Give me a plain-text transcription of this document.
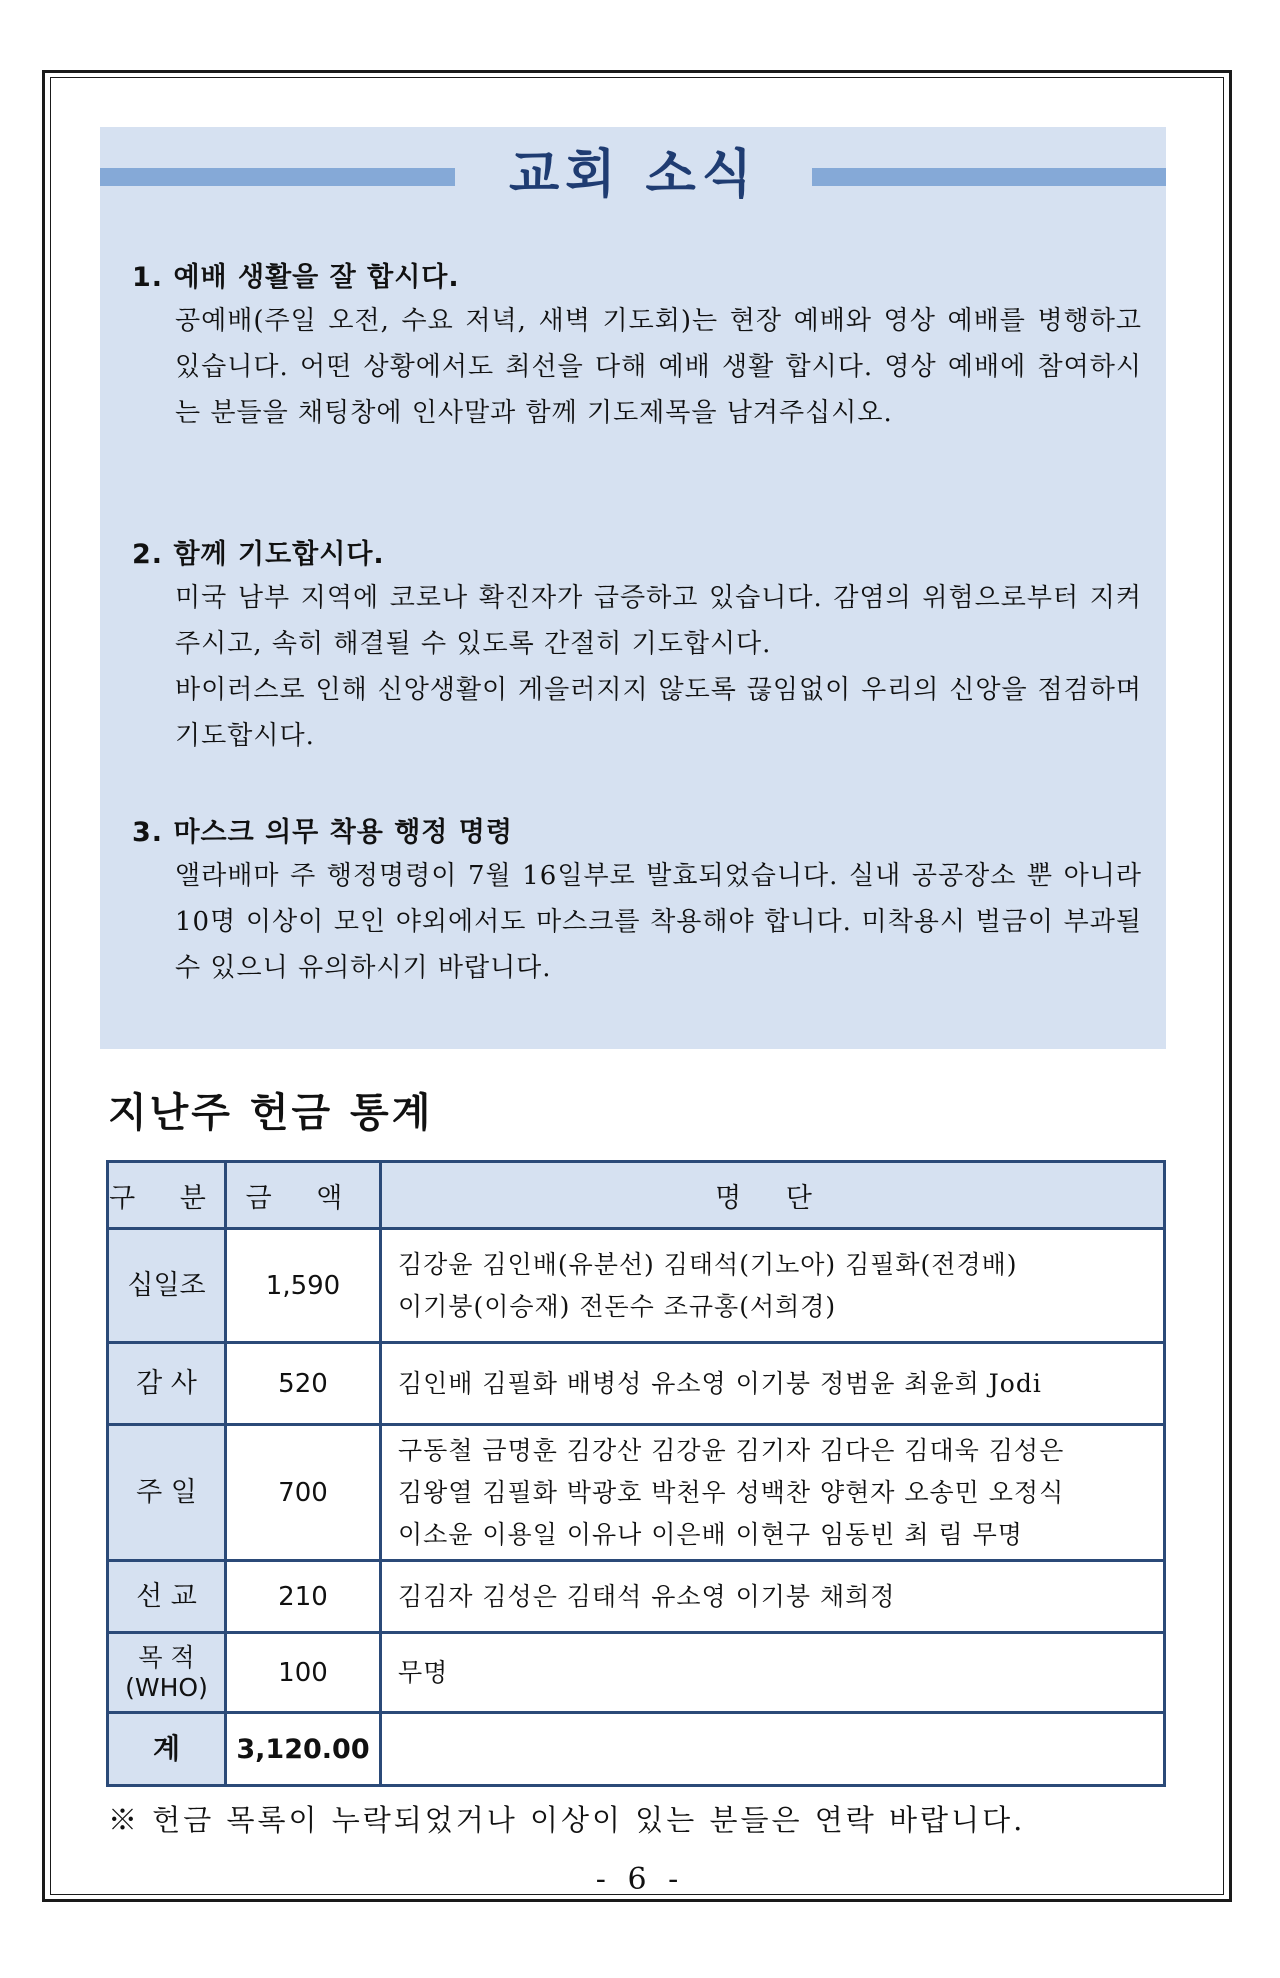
교회 소식
1. 예배 생활을 잘 합시다.

공예배(주일 오전, 수요 저녁, 새벽 기도회)는 현장 예배와 영상 예배를 병행하고 있습니다. 어떤 상황에서도 최선을 다해 예배 생활 합시다. 영상 예배에 참여하시는 분들을 채팅창에 인사말과 함께 기도제목을 남겨주십시오.

2. 함께 기도합시다.

미국 남부 지역에 코로나 확진자가 급증하고 있습니다. 감염의 위험으로부터 지켜주시고, 속히 해결될 수 있도록 간절히 기도합시다.

바이러스로 인해 신앙생활이 게을러지지 않도록 끊임없이 우리의 신앙을 점검하며 기도합시다.

3. 마스크 의무 착용 행정 명령

앨라배마 주 행정명령이 7월 16일부로 발효되었습니다. 실내 공공장소 뿐 아니라 10명 이상이 모인 야외에서도 마스크를 착용해야 합니다. 미착용시 벌금이 부과될 수 있으니 유의하시기 바랍니다.

지난주 헌금 통계
구 분	금 액	명 단
십일조	1,590	김강윤 김인배(유분선) 김태석(기노아) 김필화(전경배)
이기붕(이승재) 전돈수 조규홍(서희경)
감 사	520	김인배 김필화 배병성 유소영 이기붕 정범윤 최윤희 Jodi
주 일	700	구동철 금명훈 김강산 김강윤 김기자 김다은 김대욱 김성은
김왕열 김필화 박광호 박천우 성백찬 양현자 오송민 오정식
이소윤 이용일 이유나 이은배 이현구 임동빈 최 림 무명
선 교	210	김김자 김성은 김태석 유소영 이기붕 채희정
목 적
(WHO)	100	무명
계	3,120.00	
※ 헌금 목록이 누락되었거나 이상이 있는 분들은 연락 바랍니다.
- 6 -
